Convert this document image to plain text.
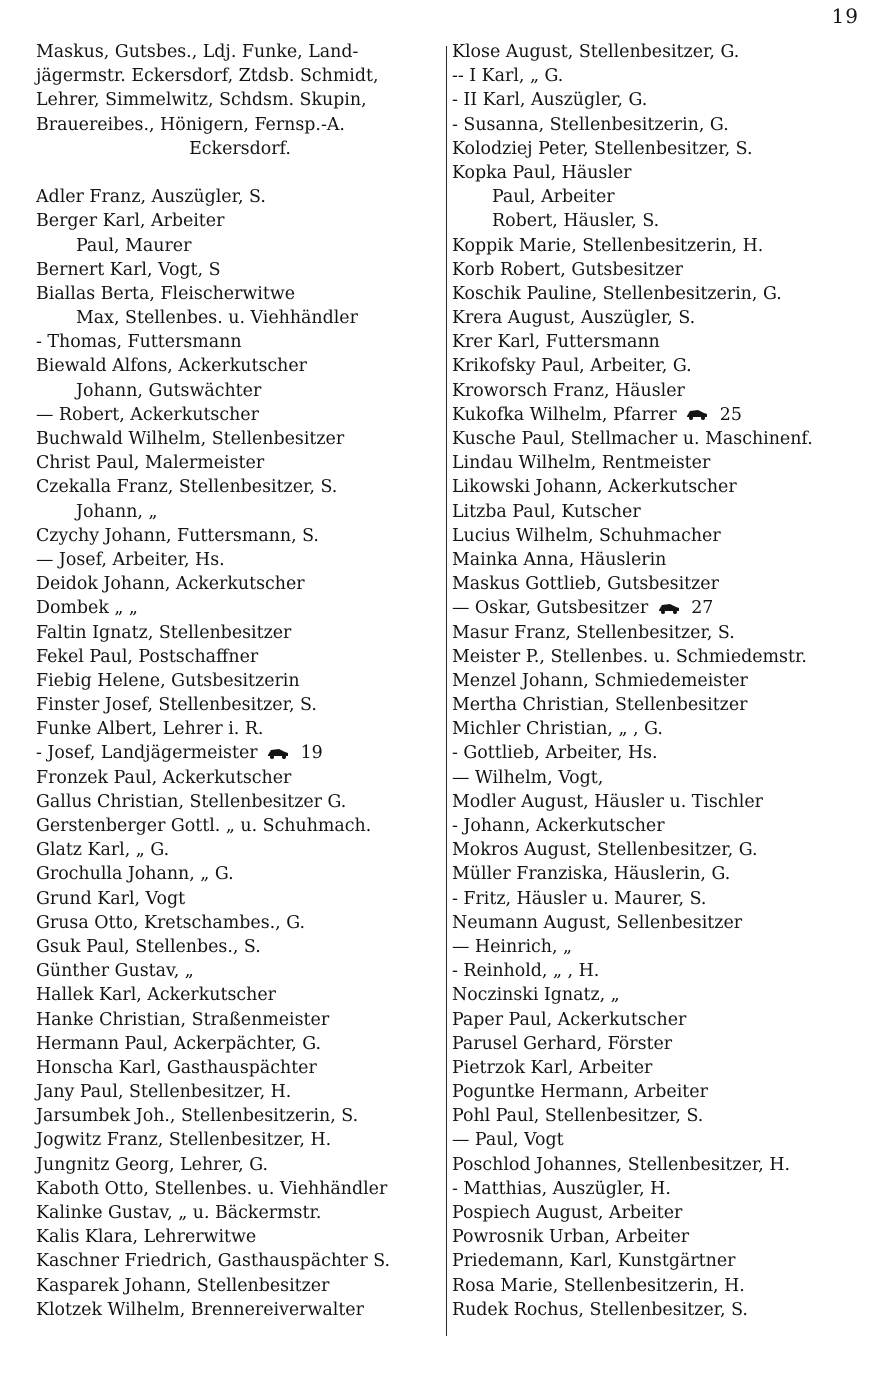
19
Maskus, Gutsbes., Ldj. Funke, Land-
jägermstr. Eckersdorf, Ztdsb. Schmidt,
Lehrer, Simmelwitz, Schdsm. Skupin,
Brauereibes., Hönigern, Fernsp.-A.
Eckersdorf.
Adler Franz, Auszügler, S.
Berger Karl, Arbeiter
Paul, Maurer
Bernert Karl, Vogt, S
Biallas Berta, Fleischerwitwe
Max, Stellenbes. u. Viehhändler
- Thomas, Futtersmann
Biewald Alfons, Ackerkutscher
Johann, Gutswächter
— Robert, Ackerkutscher
Buchwald Wilhelm, Stellenbesitzer
Christ Paul, Malermeister
Czekalla Franz, Stellenbesitzer, S.
Johann, „
Czychy Johann, Futtersmann, S.
— Josef, Arbeiter, Hs.
Deidok Johann, Ackerkutscher
Dombek „ „
Faltin Ignatz, Stellenbesitzer
Fekel Paul, Postschaffner
Fiebig Helene, Gutsbesitzerin
Finster Josef, Stellenbesitzer, S.
Funke Albert, Lehrer i. R.
- Josef, Landjägermeister 19
Fronzek Paul, Ackerkutscher
Gallus Christian, Stellenbesitzer G.
Gerstenberger Gottl. „ u. Schuhmach.
Glatz Karl, „ G.
Grochulla Johann, „ G.
Grund Karl, Vogt
Grusa Otto, Kretschambes., G.
Gsuk Paul, Stellenbes., S.
Günther Gustav, „
Hallek Karl, Ackerkutscher
Hanke Christian, Straßenmeister
Hermann Paul, Ackerpächter, G.
Honscha Karl, Gasthauspächter
Jany Paul, Stellenbesitzer, H.
Jarsumbek Joh., Stellenbesitzerin, S.
Jogwitz Franz, Stellenbesitzer, H.
Jungnitz Georg, Lehrer, G.
Kaboth Otto, Stellenbes. u. Viehhändler
Kalinke Gustav, „ u. Bäckermstr.
Kalis Klara, Lehrerwitwe
Kaschner Friedrich, Gasthauspächter S.
Kasparek Johann, Stellenbesitzer
Klotzek Wilhelm, Brennereiverwalter
Klose August, Stellenbesitzer, G.
-- I Karl, „ G.
- II Karl, Auszügler, G.
- Susanna, Stellenbesitzerin, G.
Kolodziej Peter, Stellenbesitzer, S.
Kopka Paul, Häusler
Paul, Arbeiter
Robert, Häusler, S.
Koppik Marie, Stellenbesitzerin, H.
Korb Robert, Gutsbesitzer
Koschik Pauline, Stellenbesitzerin, G.
Krera August, Auszügler, S.
Krer Karl, Futtersmann
Krikofsky Paul, Arbeiter, G.
Kroworsch Franz, Häusler
Kukofka Wilhelm, Pfarrer 25
Kusche Paul, Stellmacher u. Maschinenf.
Lindau Wilhelm, Rentmeister
Likowski Johann, Ackerkutscher
Litzba Paul, Kutscher
Lucius Wilhelm, Schuhmacher
Mainka Anna, Häuslerin
Maskus Gottlieb, Gutsbesitzer
— Oskar, Gutsbesitzer 27
Masur Franz, Stellenbesitzer, S.
Meister P., Stellenbes. u. Schmiedemstr.
Menzel Johann, Schmiedemeister
Mertha Christian, Stellenbesitzer
Michler Christian, „ , G.
- Gottlieb, Arbeiter, Hs.
— Wilhelm, Vogt,
Modler August, Häusler u. Tischler
- Johann, Ackerkutscher
Mokros August, Stellenbesitzer, G.
Müller Franziska, Häuslerin, G.
- Fritz, Häusler u. Maurer, S.
Neumann August, Sellenbesitzer
— Heinrich, „
- Reinhold, „ , H.
Noczinski Ignatz, „
Paper Paul, Ackerkutscher
Parusel Gerhard, Förster
Pietrzok Karl, Arbeiter
Poguntke Hermann, Arbeiter
Pohl Paul, Stellenbesitzer, S.
— Paul, Vogt
Poschlod Johannes, Stellenbesitzer, H.
- Matthias, Auszügler, H.
Pospiech August, Arbeiter
Powrosnik Urban, Arbeiter
Priedemann, Karl, Kunstgärtner
Rosa Marie, Stellenbesitzerin, H.
Rudek Rochus, Stellenbesitzer, S.
